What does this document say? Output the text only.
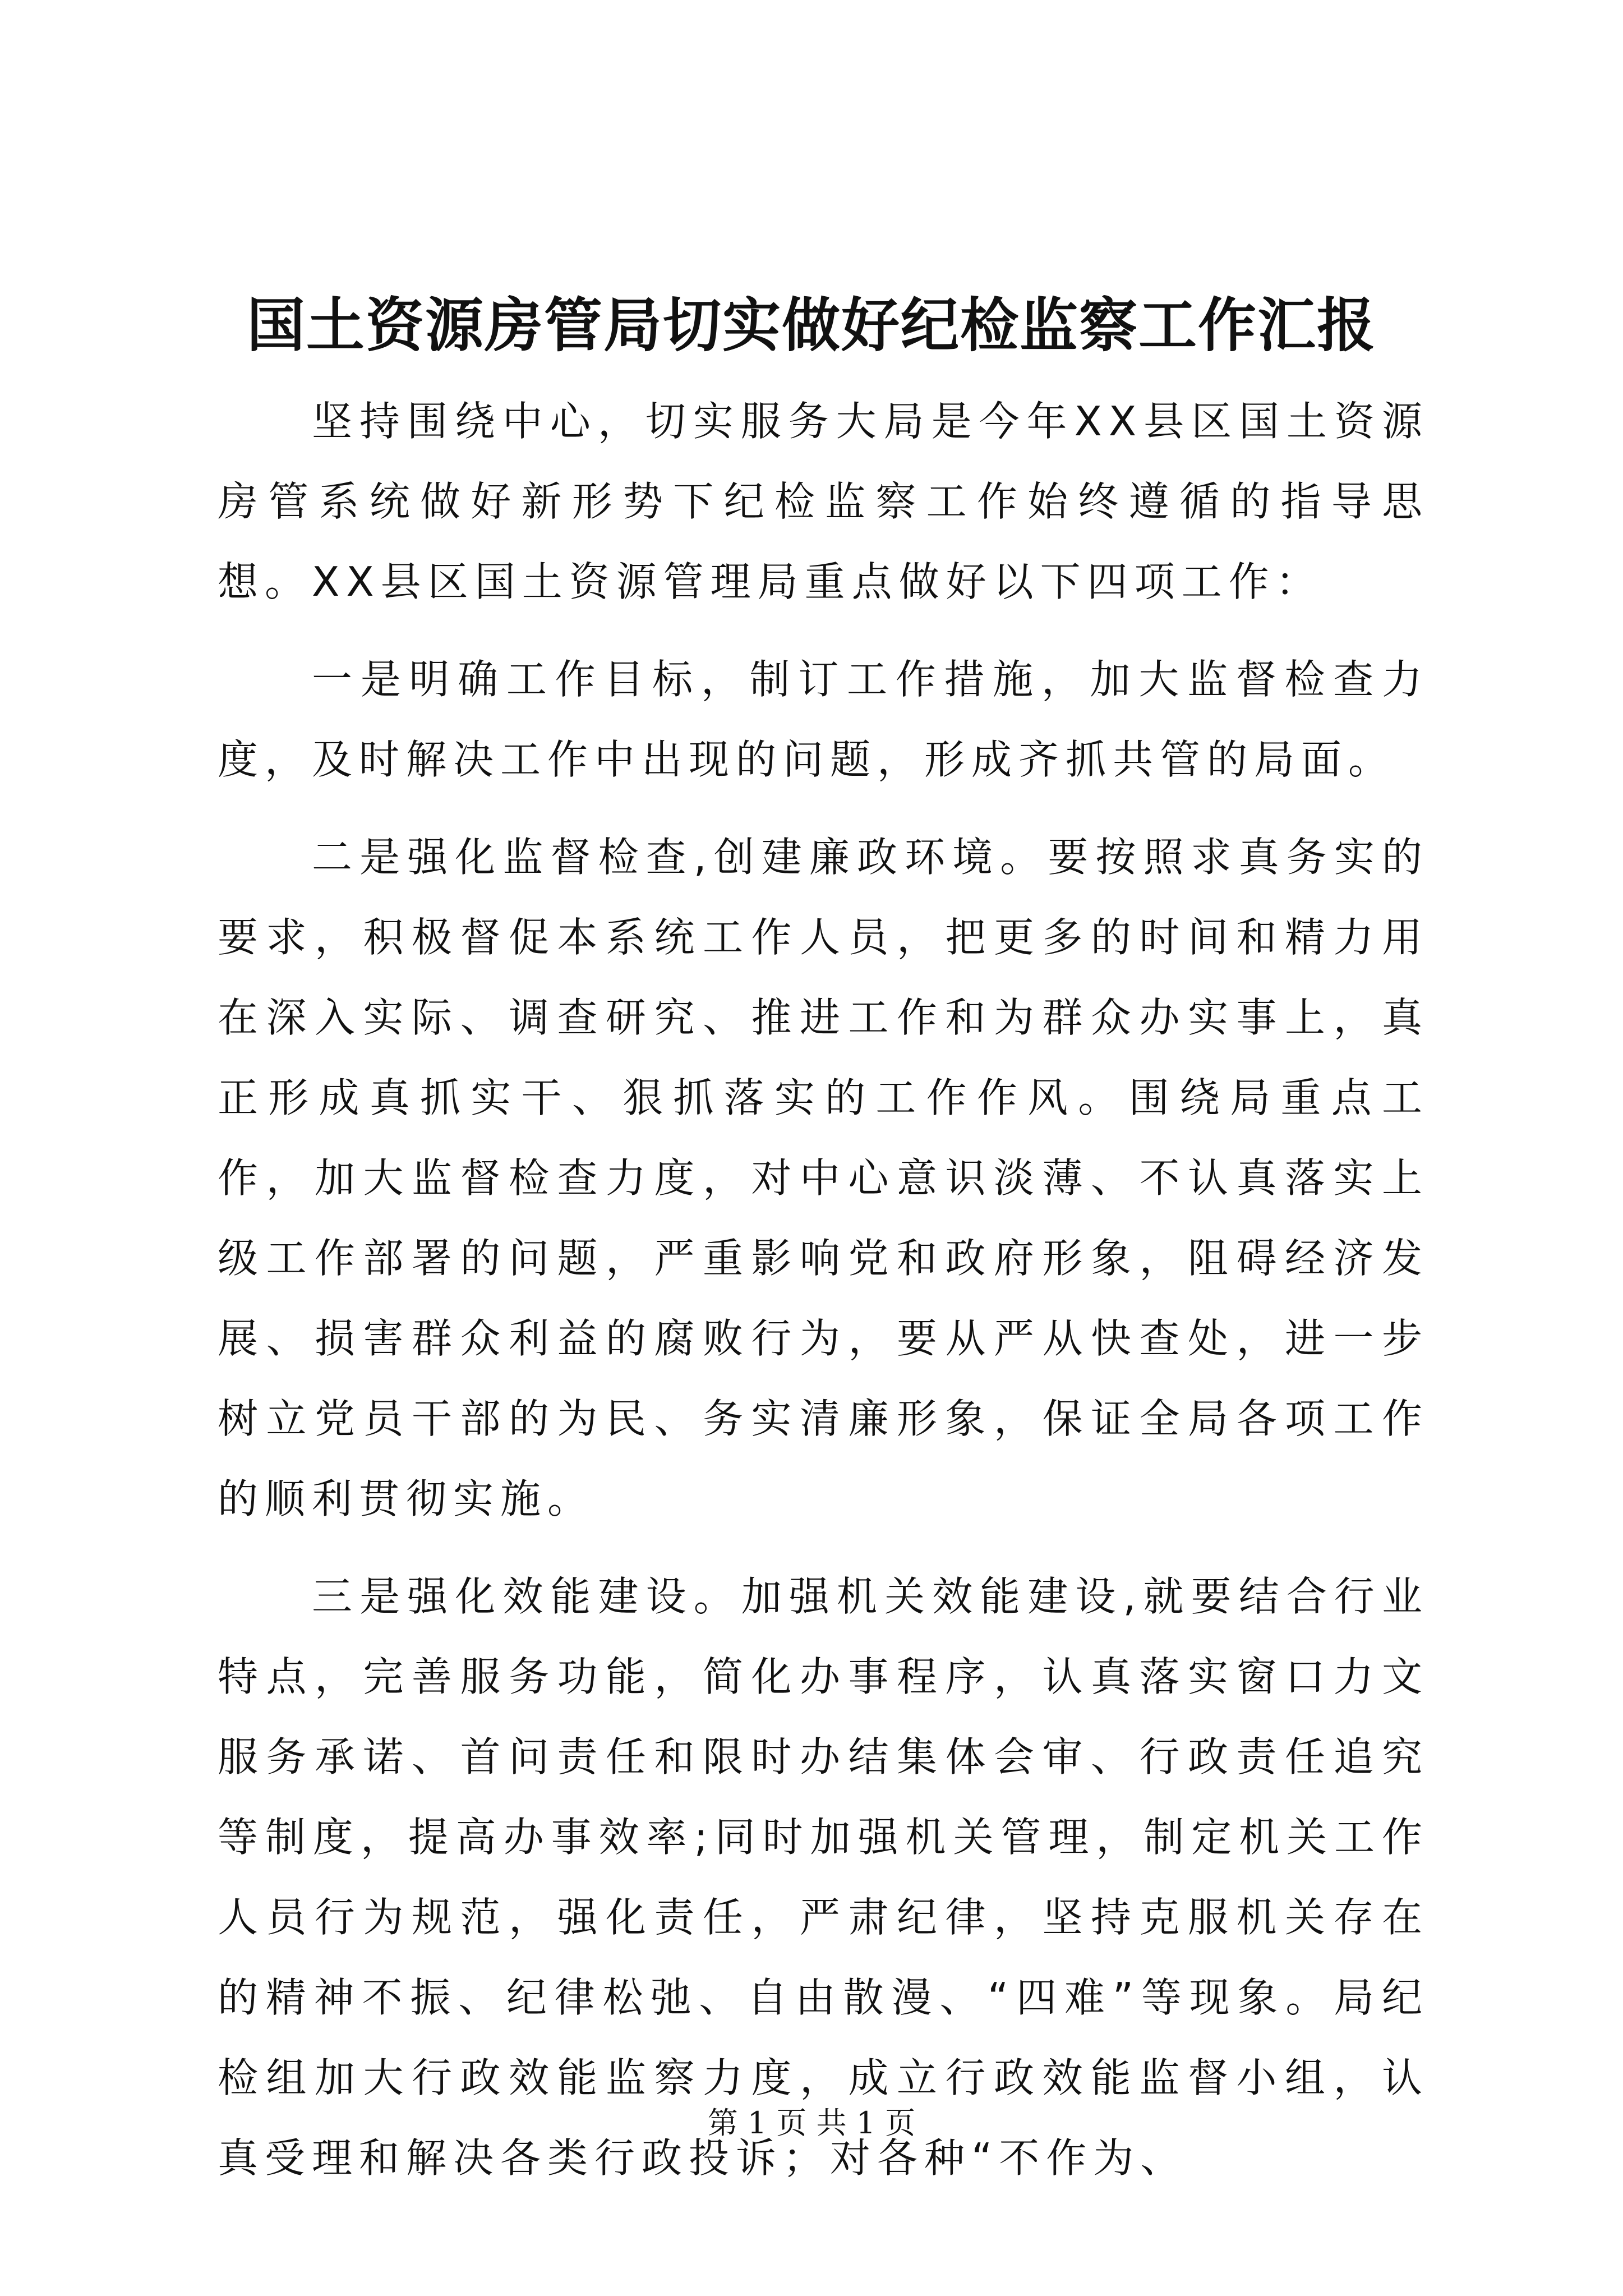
国土资源房管局切实做好纪检监察工作汇报

坚持围绕中心，切实服务大局是今年XX县区国土资源房管系统做好新形势下纪检监察工作始终遵循的指导思想。XX县区国土资源管理局重点做好以下四项工作：

一是明确工作目标，制订工作措施，加大监督检查力度，及时解决工作中出现的问题，形成齐抓共管的局面。

二是强化监督检查,创建廉政环境。要按照求真务实的要求，积极督促本系统工作人员，把更多的时间和精力用在深入实际、调查研究、推进工作和为群众办实事上，真正形成真抓实干、狠抓落实的工作作风。围绕局重点工作，加大监督检查力度，对中心意识淡薄、不认真落实上级工作部署的问题，严重影响党和政府形象，阻碍经济发展、损害群众利益的腐败行为，要从严从快查处，进一步树立党员干部的为民、务实清廉形象，保证全局各项工作的顺利贯彻实施。

三是强化效能建设。加强机关效能建设,就要结合行业特点，完善服务功能，简化办事程序，认真落实窗口力文服务承诺、首问责任和限时办结集体会审、行政责任追究等制度，提高办事效率;同时加强机关管理，制定机关工作人员行为规范，强化责任，严肃纪律，坚持克服机关存在的精神不振、纪律松弛、自由散漫、“四难”等现象。局纪检组加大行政效能监察力度，成立行政效能监督小组，认真受理和解决各类行政投诉；对各种“不作为、

第 1 页 共 1 页
